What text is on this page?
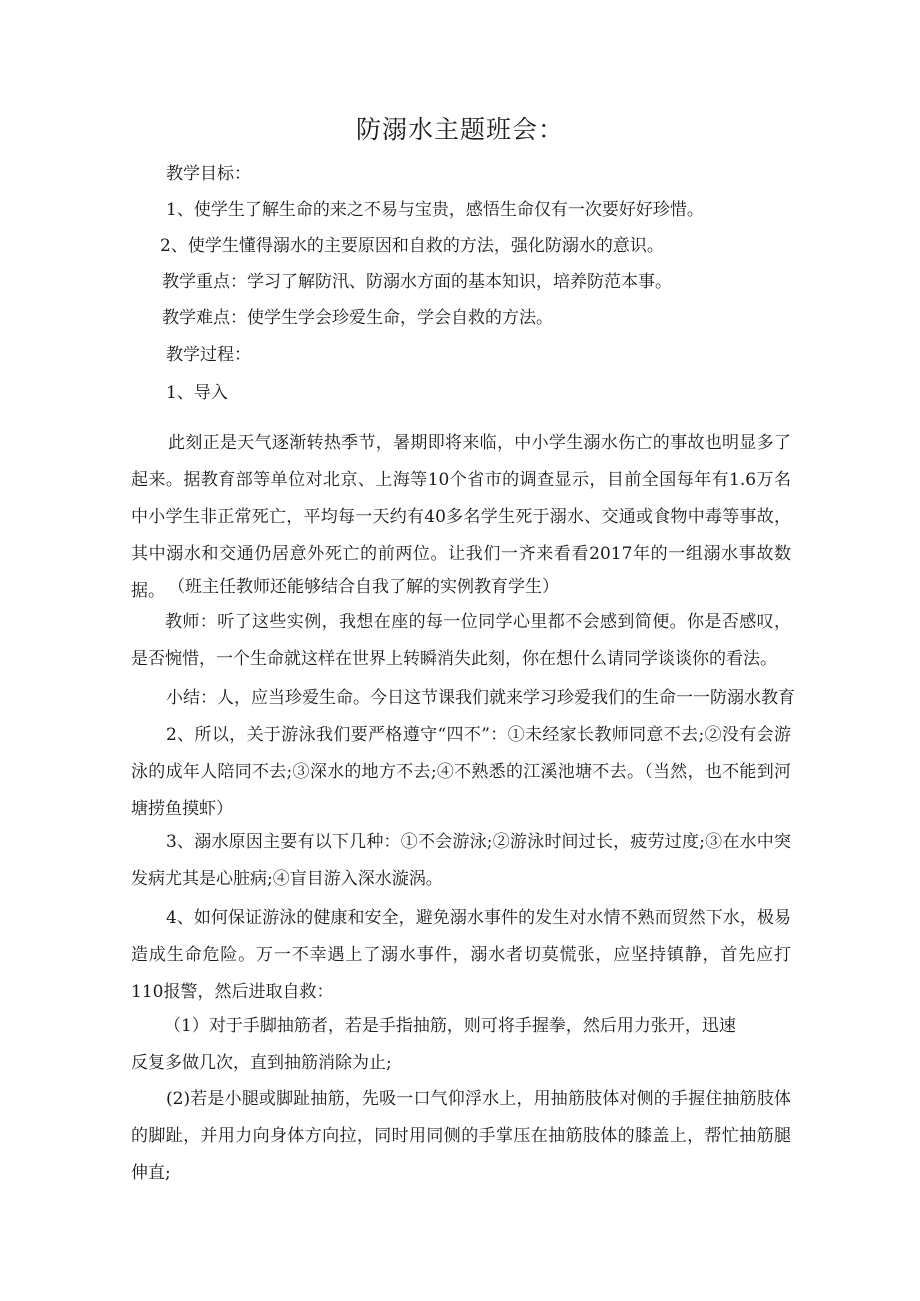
防溺水主题班会：

教学目标：

1、使学生了解生命的来之不易与宝贵，感悟生命仅有一次要好好珍惜。

2、使学生懂得溺水的主要原因和自救的方法，强化防溺水的意识。

教学重点：学习了解防汛、防溺水方面的基本知识，培养防范本事。

教学难点：使学生学会珍爱生命，学会自救的方法。

教学过程：

1、导入

此刻正是天气逐渐转热季节，暑期即将来临，中小学生溺水伤亡的事故也明显多了起来。据教育部等单位对北京、上海等10个省市的调查显示，目前全国每年有1.6万名中小学生非正常死亡，平均每一天约有40多名学生死于溺水、交通或食物中毒等事故，其中溺水和交通仍居意外死亡的前两位。让我们一齐来看看2017年的一组溺水事故数据。 （班主任教师还能够结合自我了解的实例教育学生）

教师：听了这些实例，我想在座的每一位同学心里都不会感到简便。你是否感叹，是否惋惜，一个生命就这样在世界上转瞬消失此刻，你在想什么请同学谈谈你的看法。

小结：人，应当珍爱生命。今日这节课我们就来学习珍爱我们的生命一一防溺水教育

2、所以，关于游泳我们要严格遵守“四不”：①未经家长教师同意不去;②没有会游泳的成年人陪同不去;③深水的地方不去;④不熟悉的江溪池塘不去。（当然，也不能到河塘捞鱼摸虾）

3、溺水原因主要有以下几种：①不会游泳;②游泳时间过长，疲劳过度;③在水中突发病尤其是心脏病;④盲目游入深水漩涡。

4、如何保证游泳的健康和安全，避免溺水事件的发生对水情不熟而贸然下水，极易造成生命危险。万一不幸遇上了溺水事件，溺水者切莫慌张，应坚持镇静，首先应打110报警，然后进取自救：

（1）对于手脚抽筋者，若是手指抽筋，则可将手握拳，然后用力张开，迅速

反复多做几次，直到抽筋消除为止;

(2)若是小腿或脚趾抽筋，先吸一口气仰浮水上，用抽筋肢体对侧的手握住抽筋肢体的脚趾，并用力向身体方向拉，同时用同侧的手掌压在抽筋肢体的膝盖上，帮忙抽筋腿伸直;
